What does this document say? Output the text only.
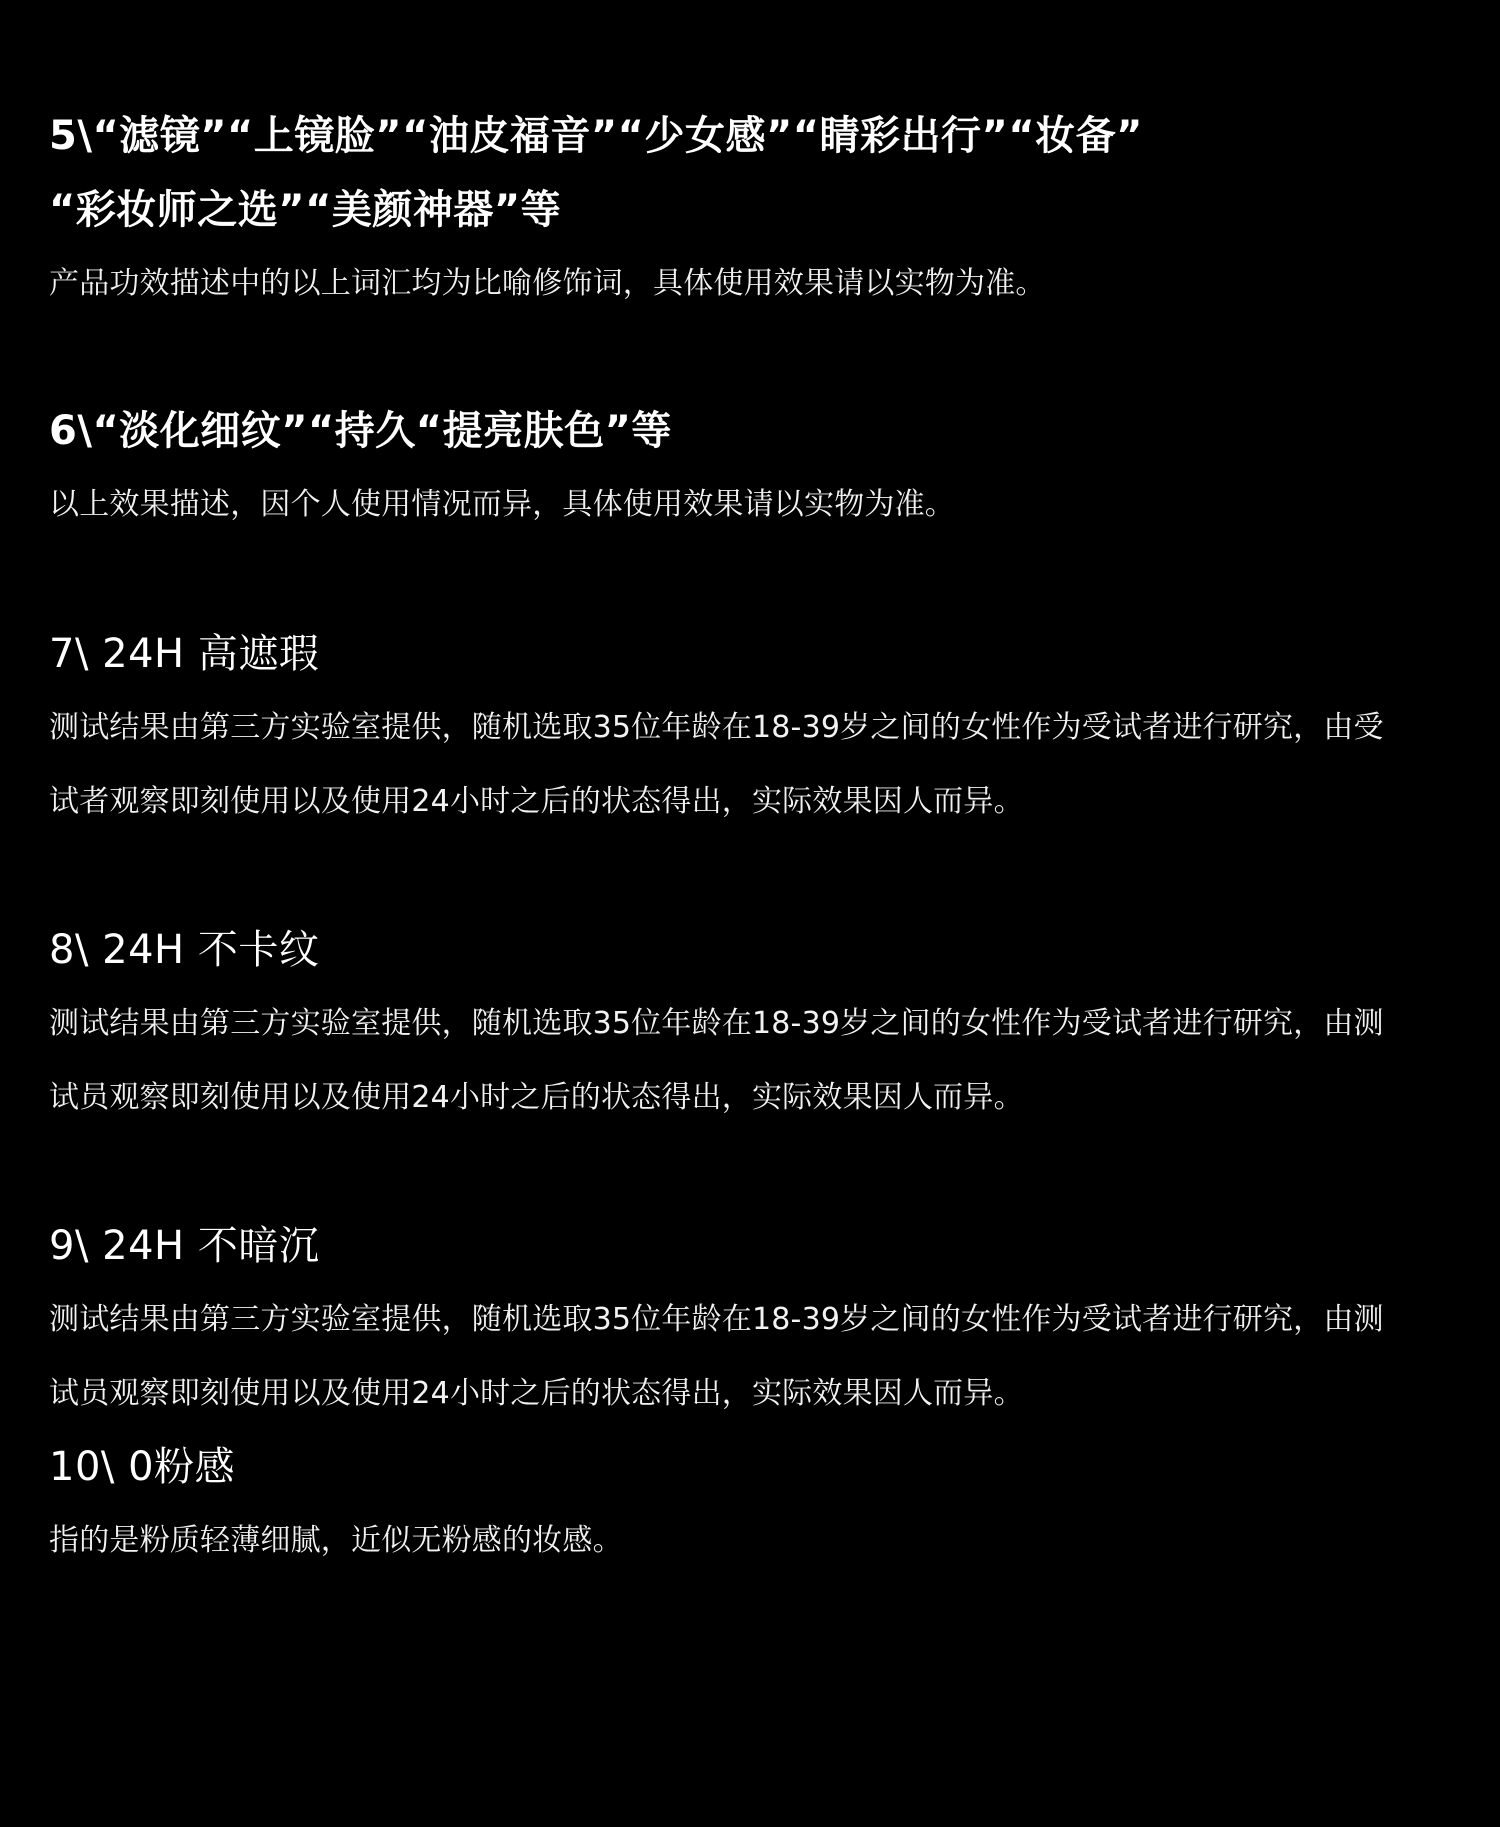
5\“滤镜”“上镜脸”“油皮福音”“少女感”“睛彩出行”“妆备”
“彩妆师之选”“美颜神器”等
产品功效描述中的以上词汇均为比喻修饰词，具体使用效果请以实物为准。
6\“淡化细纹”“持久“提亮肤色”等
以上效果描述，因个人使用情况而异，具体使用效果请以实物为准。
7\ 24H 高遮瑕
测试结果由第三方实验室提供，随机选取35位年龄在18-39岁之间的女性作为受试者进行研究，由受
试者观察即刻使用以及使用24小时之后的状态得出，实际效果因人而异。
8\ 24H 不卡纹
测试结果由第三方实验室提供，随机选取35位年龄在18-39岁之间的女性作为受试者进行研究，由测
试员观察即刻使用以及使用24小时之后的状态得出，实际效果因人而异。
9\ 24H 不暗沉
测试结果由第三方实验室提供，随机选取35位年龄在18-39岁之间的女性作为受试者进行研究，由测
试员观察即刻使用以及使用24小时之后的状态得出，实际效果因人而异。
10\ 0粉感
指的是粉质轻薄细腻，近似无粉感的妆感。
